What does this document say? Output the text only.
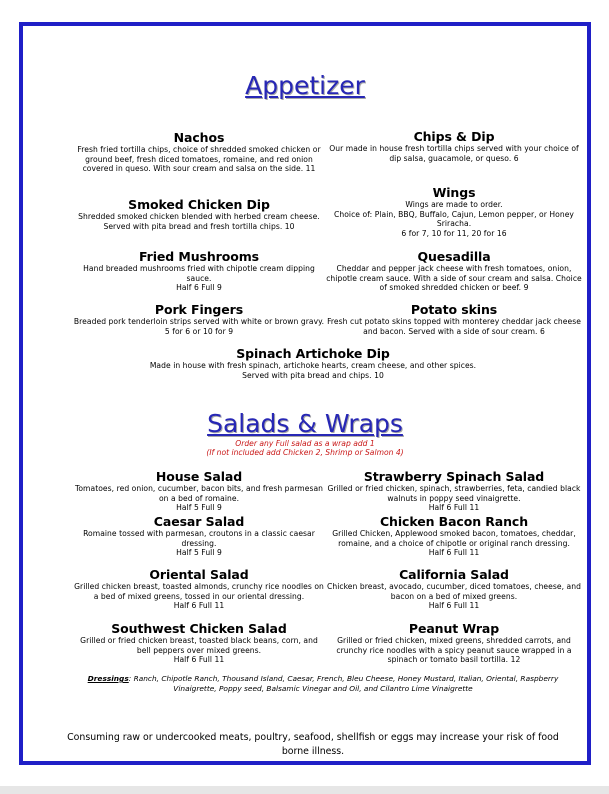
Appetizer
Nachos
Fresh fried tortilla chips, choice of shredded smoked chicken or ground beef, fresh diced tomatoes, romaine, and red onion covered in queso. With sour cream and salsa on the side. 11
Chips & Dip
Our made in house fresh tortilla chips served with your choice of dip salsa, guacamole, or queso. 6
Smoked Chicken Dip
Shredded smoked chicken blended with herbed cream cheese. Served with pita bread and fresh tortilla chips. 10
Wings
Wings are made to order.
Choice of: Plain, BBQ, Buffalo, Cajun, Lemon pepper, or Honey Sriracha.
6 for 7, 10 for 11, 20 for 16
Fried Mushrooms
Hand breaded mushrooms fried with chipotle cream dipping sauce.
Half 6 Full 9
Quesadilla
Cheddar and pepper jack cheese with fresh tomatoes, onion, chipotle cream sauce. With a side of sour cream and salsa. Choice of smoked shredded chicken or beef. 9
Pork Fingers
Breaded pork tenderloin strips served with white or brown gravy.
5 for 6 or 10 for 9
Potato skins
Fresh cut potato skins topped with monterey cheddar jack cheese and bacon. Served with a side of sour cream. 6
Spinach Artichoke Dip
Made in house with fresh spinach, artichoke hearts, cream cheese, and other spices.
Served with pita bread and chips. 10
Salads & Wraps
Order any Full salad as a wrap add 1
(If not included add Chicken 2, Shrimp or Salmon 4)
House Salad
Tomatoes, red onion, cucumber, bacon bits, and fresh parmesan on a bed of romaine.
Half 5 Full 9
Strawberry Spinach Salad
Grilled or fried chicken, spinach, strawberries, feta, candied black walnuts in poppy seed vinaigrette.
Half 6 Full 11
Caesar Salad
Romaine tossed with parmesan, croutons in a classic caesar dressing.
Half 5 Full 9
Chicken Bacon Ranch
Grilled Chicken, Applewood smoked bacon, tomatoes, cheddar, romaine, and a choice of chipotle or original ranch dressing.
Half 6 Full 11
Oriental Salad
Grilled chicken breast, toasted almonds, crunchy rice noodles on a bed of mixed greens, tossed in our oriental dressing.
Half 6 Full 11
California Salad
Chicken breast, avocado, cucumber, diced tomatoes, cheese, and bacon on a bed of mixed greens.
Half 6 Full 11
Southwest Chicken Salad
Grilled or fried chicken breast, toasted black beans, corn, and bell peppers over mixed greens.
Half 6 Full 11
Peanut Wrap
Grilled or fried chicken, mixed greens, shredded carrots, and crunchy rice noodles with a spicy peanut sauce wrapped in a spinach or tomato basil tortilla. 12
Dressings: Ranch, Chipotle Ranch, Thousand Island, Caesar, French, Bleu Cheese, Honey Mustard, Italian, Oriental, Raspberry Vinaigrette, Poppy seed, Balsamic Vinegar and Oil, and Cilantro Lime Vinaigrette
Consuming raw or undercooked meats, poultry, seafood, shellfish or eggs may increase your risk of food borne illness.
